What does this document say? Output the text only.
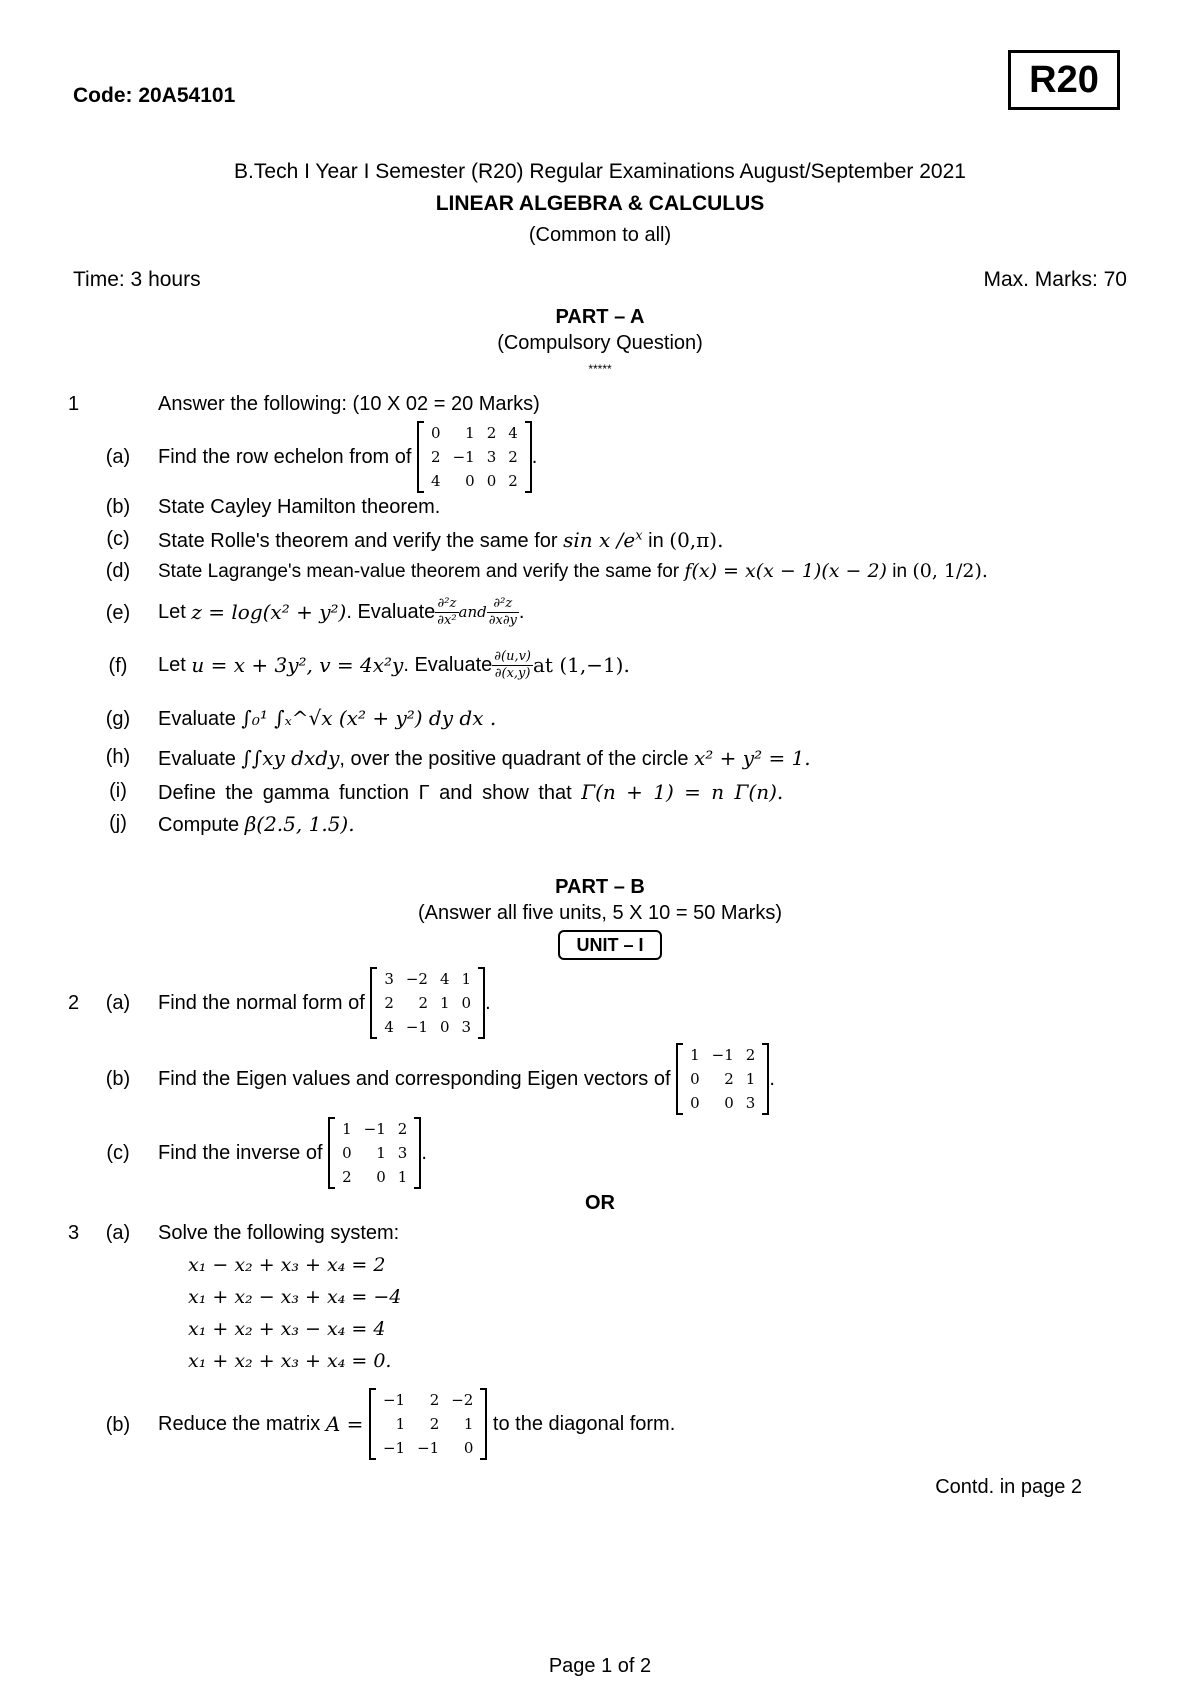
Code: 20A54101	R20
B.Tech I Year I Semester (R20) Regular Examinations August/September 2021
LINEAR ALGEBRA & CALCULUS
(Common to all)
Time: 3 hours	Max. Marks: 70
PART – A
(Compulsory Question)
*****
1	Answer the following: (10 X 02 = 20 Marks)
(a)	Find the row echelon from of

0	1	2	4
2	−1	3	2
4	0	0	2
.
(b)	State Cayley Hamilton theorem.
(c)	State Rolle's theorem and verify the same for sin x $/e^x$ in (0,π).
(d)	State Lagrange's mean-value theorem and verify the same for f(x) = x(x − 1)(x − 2) in (0, 1/2).
(e)	Let
z = log(x² + y²) . Evaluate $\frac{\text{∂²z}}{\text{∂x²}}$ and $\frac{\text{∂²z}}{\partial x\partial y}$ .
(f)	Let
u = x + 3y², v = 4x²y . Evaluate $\frac{\partial(u,v)}{\partial(x,y)}$ at (1,−1).
(g)	Evaluate ∫₀¹ ∫ₓ^√x (x² + y²) dy dx .
(h)	Evaluate ∫∫xy dxdy, over the positive quadrant of the circle x² + y² = 1.
(i)	Define the gamma function Γ and show that Γ(n + 1) = n Γ(n).
(j)	Compute β(2.5, 1.5).
PART – B
(Answer all five units, 5 X 10 = 50 Marks)
UNIT – I
2	(a)	Find the normal form of

3	−2	4	1
2	2	1	0
4	−1	0	3
.
(b)	Find the Eigen values and corresponding Eigen vectors of

1	−1	2
0	2	1
0	0	3
.
(c)	Find the inverse of

1	−1	2
0	1	3
2	0	1
.
OR
3	(a)	Solve the following system:
x₁ − x₂ + x₃ + x₄ = 2
x₁ + x₂ − x₃ + x₄ = −4
x₁ + x₂ + x₃ − x₄ = 4
x₁ + x₂ + x₃ + x₄ = 0.
(b)	Reduce the matrix
A =

−1	2	−2
1	2	1
−1	−1	0

to the diagonal form.
Contd. in page 2
Page 1 of 2
